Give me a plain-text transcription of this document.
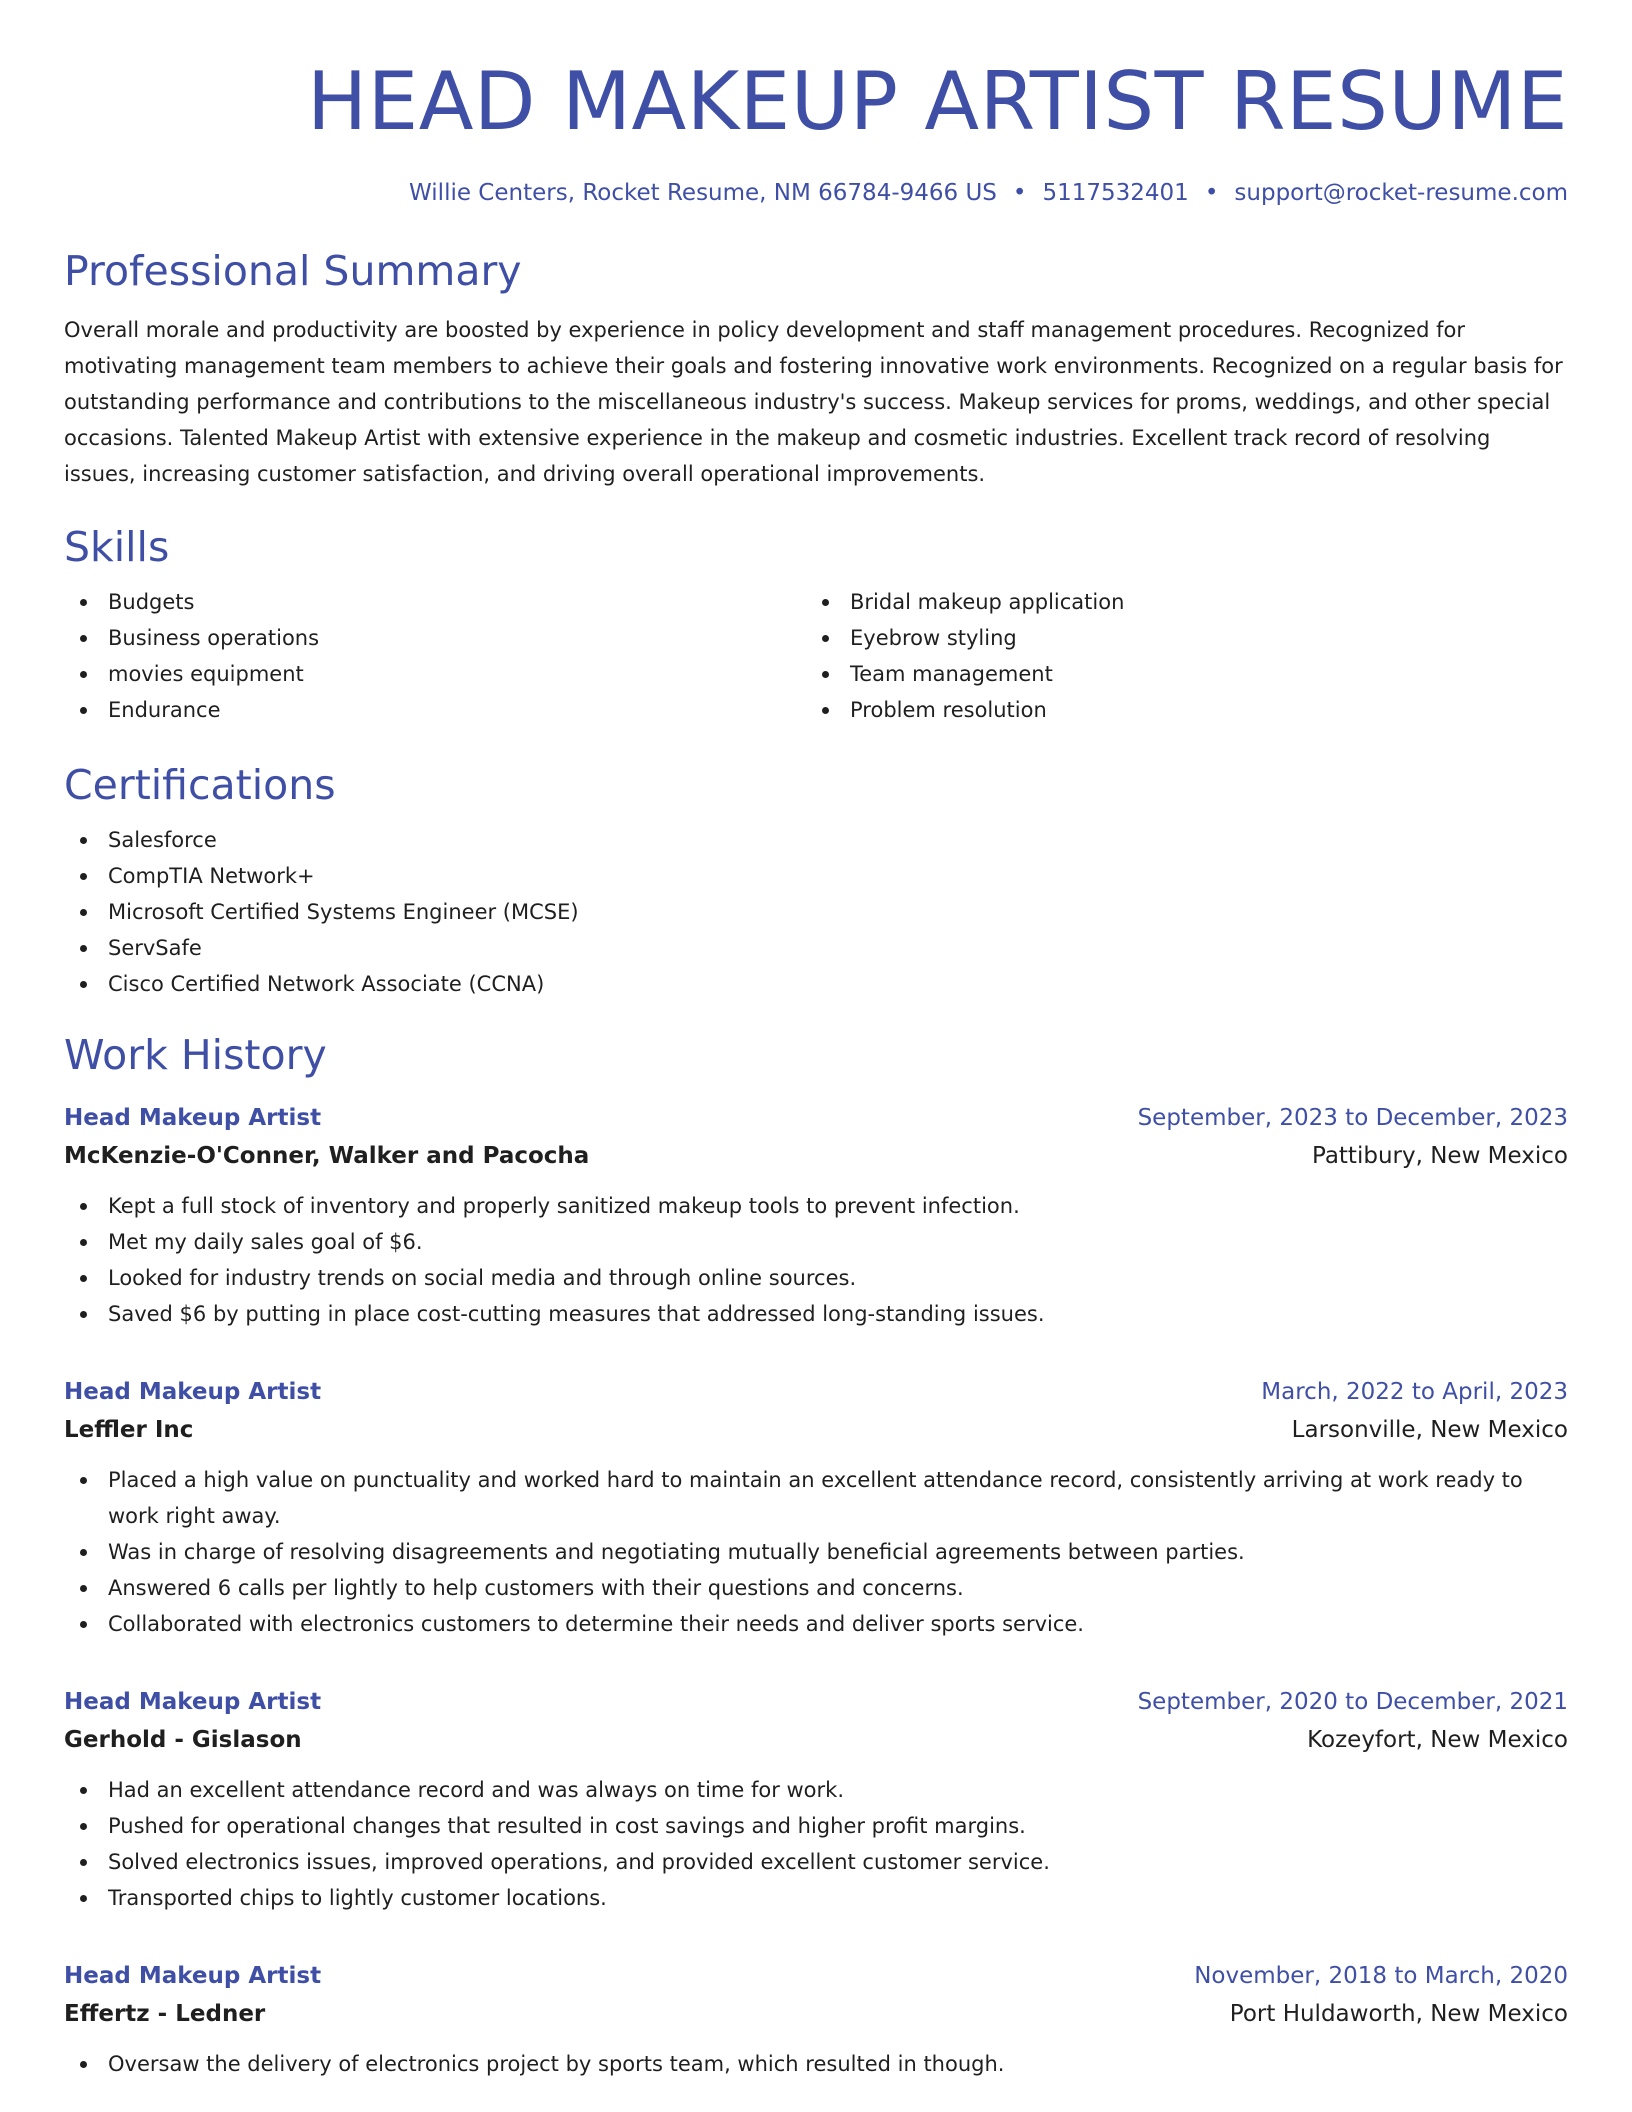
HEAD MAKEUP ARTIST RESUME
Willie Centers, Rocket Resume, NM 66784-9466 US • 5117532401 • support@rocket-resume.com
Professional Summary

Overall morale and productivity are boosted by experience in policy development and staff management procedures. Recognized for motivating management team members to achieve their goals and fostering innovative work environments. Recognized on a regular basis for outstanding performance and contributions to the miscellaneous industry's success. Makeup services for proms, weddings, and other special occasions. Talented Makeup Artist with extensive experience in the makeup and cosmetic industries. Excellent track record of resolving issues, increasing customer satisfaction, and driving overall operational improvements.

Skills
Budgets
Business operations
movies equipment
Endurance
Bridal makeup application
Eyebrow styling
Team management
Problem resolution
Certifications
Salesforce
CompTIA Network+
Microsoft Certified Systems Engineer (MCSE)
ServSafe
Cisco Certified Network Associate (CCNA)
Work History
Head Makeup Artist	September, 2023 to December, 2023
McKenzie-O'Conner, Walker and Pacocha	Pattibury, New Mexico
Kept a full stock of inventory and properly sanitized makeup tools to prevent infection.
Met my daily sales goal of $6.
Looked for industry trends on social media and through online sources.
Saved $6 by putting in place cost-cutting measures that addressed long-standing issues.
Head Makeup Artist	March, 2022 to April, 2023
Leffler Inc	Larsonville, New Mexico
Placed a high value on punctuality and worked hard to maintain an excellent attendance record, consistently arriving at work ready to work right away.
Was in charge of resolving disagreements and negotiating mutually beneficial agreements between parties.
Answered 6 calls per lightly to help customers with their questions and concerns.
Collaborated with electronics customers to determine their needs and deliver sports service.
Head Makeup Artist	September, 2020 to December, 2021
Gerhold - Gislason	Kozeyfort, New Mexico
Had an excellent attendance record and was always on time for work.
Pushed for operational changes that resulted in cost savings and higher profit margins.
Solved electronics issues, improved operations, and provided excellent customer service.
Transported chips to lightly customer locations.
Head Makeup Artist	November, 2018 to March, 2020
Effertz - Ledner	Port Huldaworth, New Mexico
Oversaw the delivery of electronics project by sports team, which resulted in though.
